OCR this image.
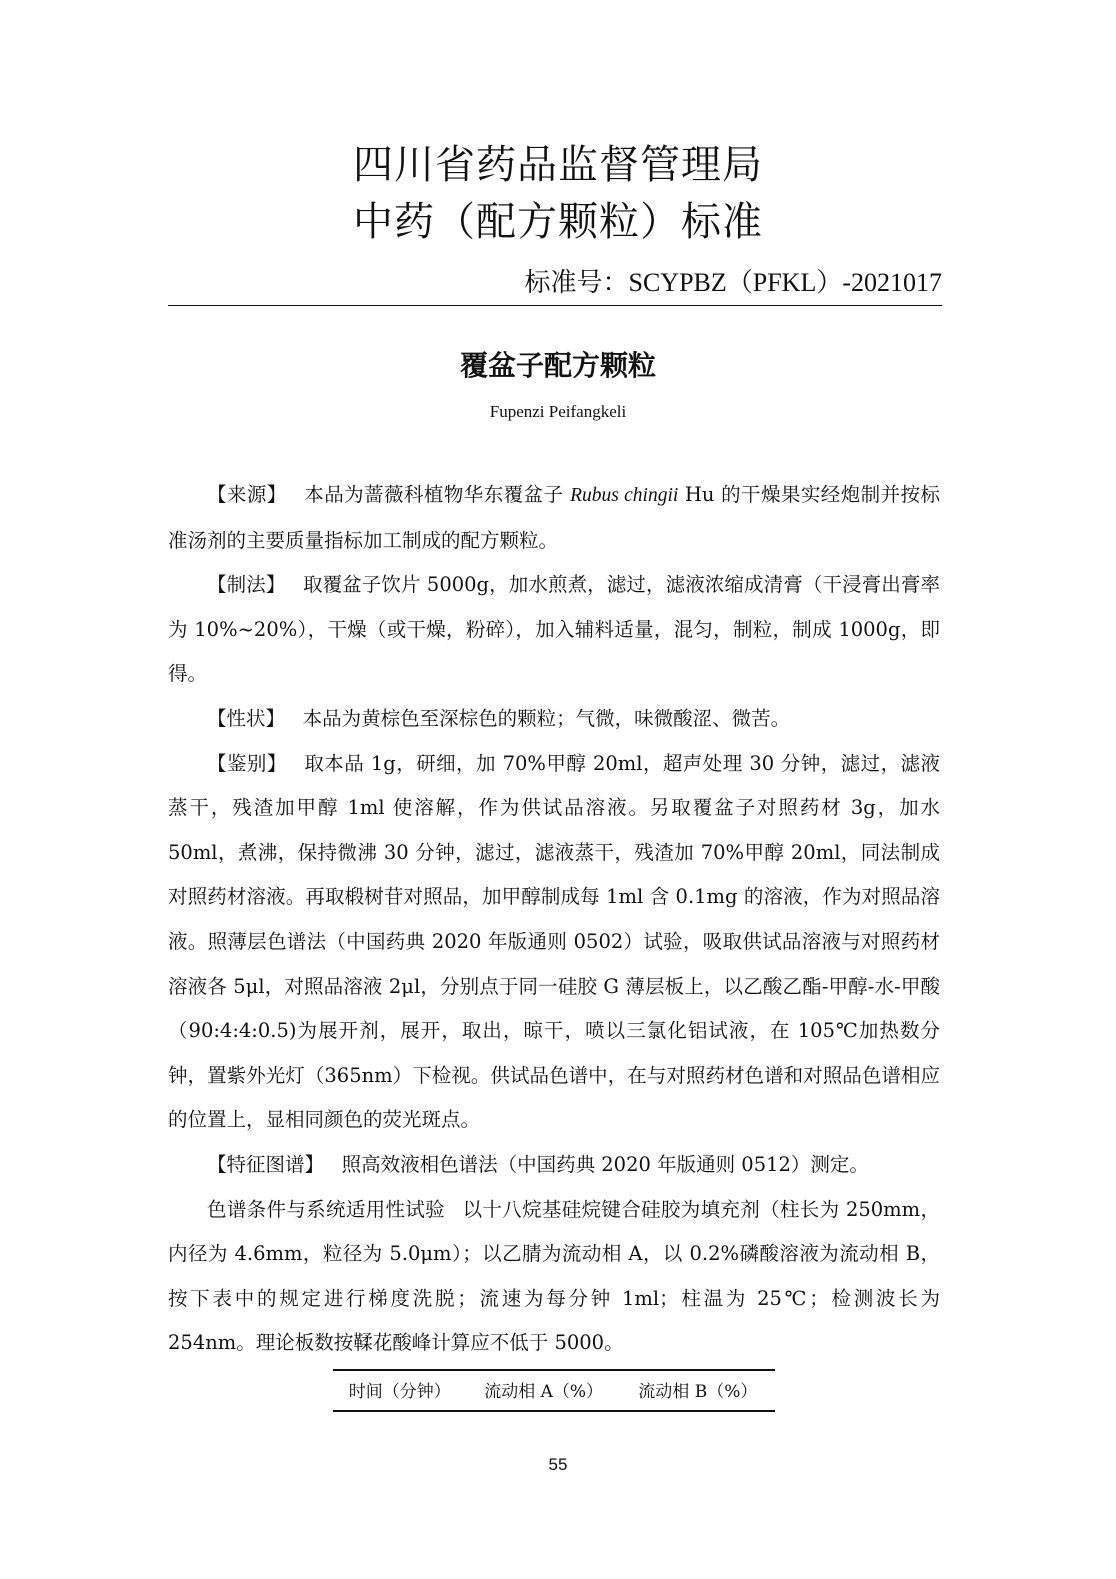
四川省药品监督管理局
中药（配方颗粒）标准
标准号：SCYPBZ（PFKL）-2021017
覆盆子配方颗粒
Fupenzi Peifangkeli

【来源】 本品为蔷薇科植物华东覆盆子 Rubus chingii Hu 的干燥果实经炮制并按标准汤剂的主要质量指标加工制成的配方颗粒。

【制法】 取覆盆子饮片 5000g，加水煎煮，滤过，滤液浓缩成清膏（干浸膏出膏率为 10%~20%），干燥（或干燥，粉碎），加入辅料适量，混匀，制粒，制成 1000g，即得。

【性状】 本品为黄棕色至深棕色的颗粒；气微，味微酸涩、微苦。

【鉴别】 取本品 1g，研细，加 70%甲醇 20ml，超声处理 30 分钟，滤过，滤液蒸干，残渣加甲醇 1ml 使溶解，作为供试品溶液。另取覆盆子对照药材 3g，加水 50ml，煮沸，保持微沸 30 分钟，滤过，滤液蒸干，残渣加 70%甲醇 20ml，同法制成对照药材溶液。再取椴树苷对照品，加甲醇制成每 1ml 含 0.1mg 的溶液，作为对照品溶液。照薄层色谱法（中国药典 2020 年版通则 0502）试验，吸取供试品溶液与对照药材溶液各 5μl，对照品溶液 2μl，分别点于同一硅胶 G 薄层板上，以乙酸乙酯-甲醇-水-甲酸（90:4:4:0.5)为展开剂，展开，取出，晾干，喷以三氯化铝试液，在 105℃加热数分钟，置紫外光灯（365nm）下检视。供试品色谱中，在与对照药材色谱和对照品色谱相应的位置上，显相同颜色的荧光斑点。

【特征图谱】 照高效液相色谱法（中国药典 2020 年版通则 0512）测定。

色谱条件与系统适用性试验 以十八烷基硅烷键合硅胶为填充剂（柱长为 250mm，内径为 4.6mm，粒径为 5.0μm）；以乙腈为流动相 A，以 0.2%磷酸溶液为流动相 B，按下表中的规定进行梯度洗脱；流速为每分钟 1ml；柱温为 25℃；检测波长为 254nm。理论板数按鞣花酸峰计算应不低于 5000。

时间（分钟）	流动相 A（%）	流动相 B（%）
55
